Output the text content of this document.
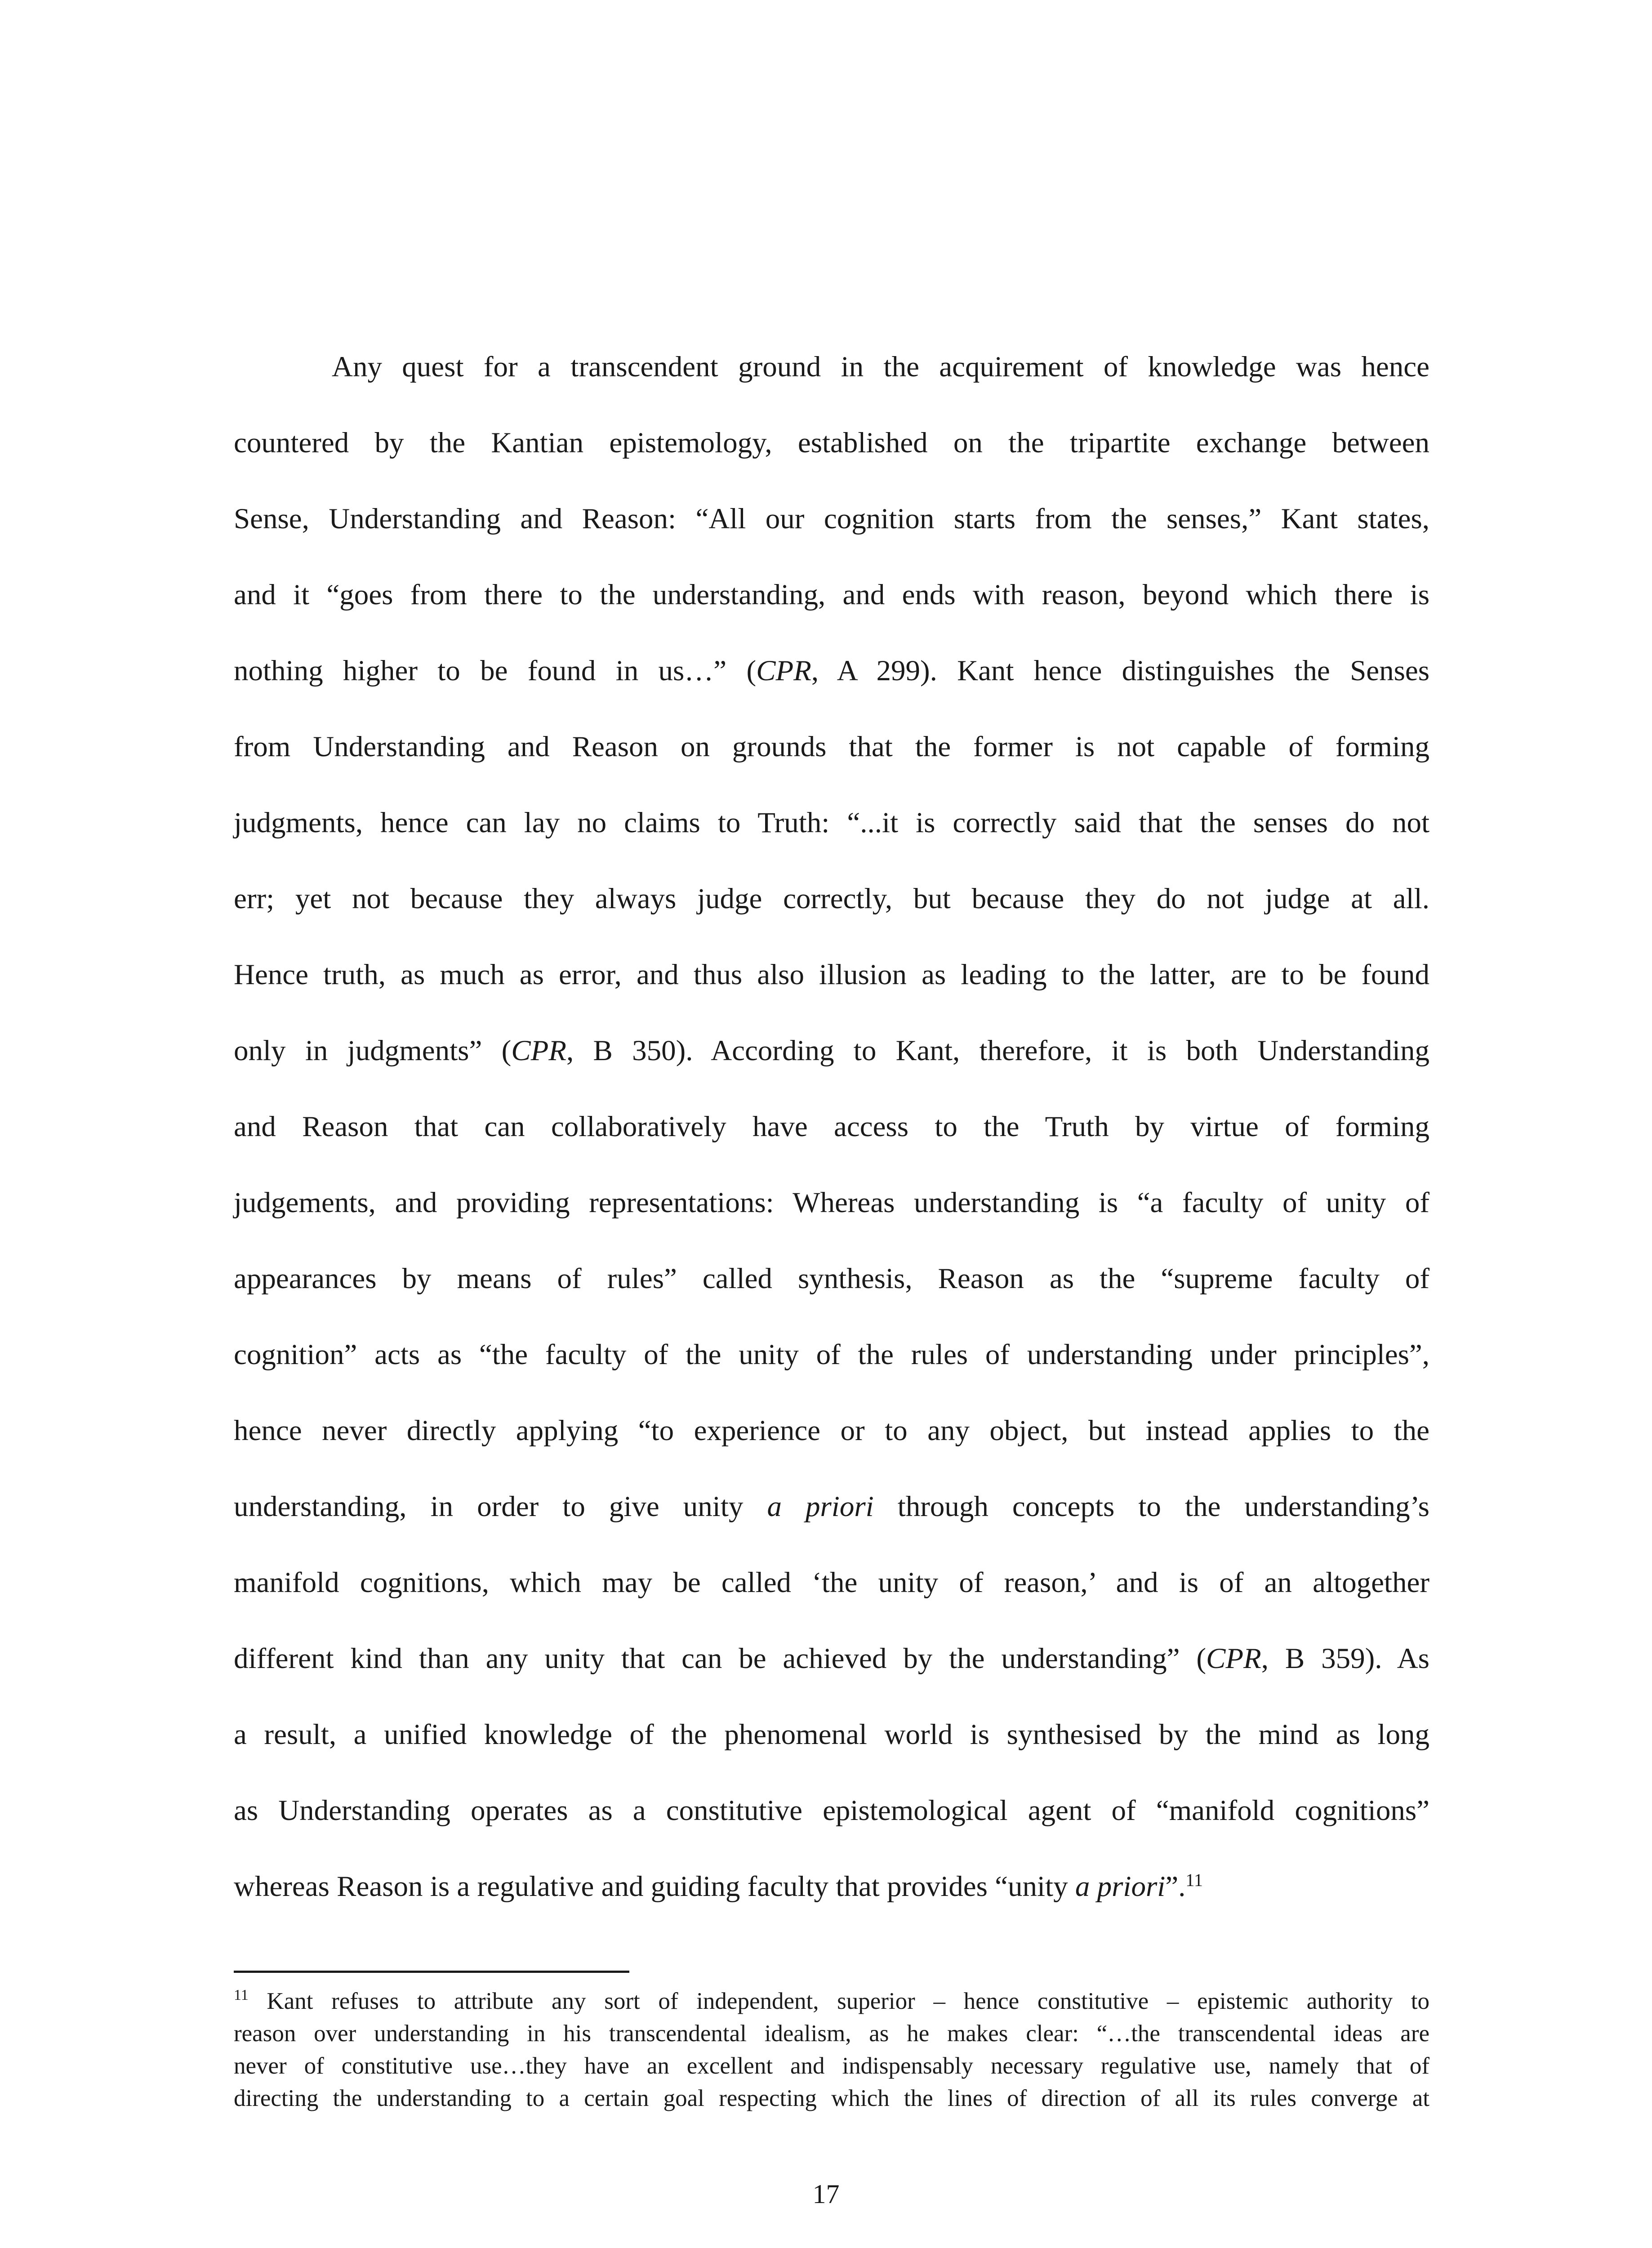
Any quest for a transcendent ground in the acquirement of knowledge was hence
countered by the Kantian epistemology, established on the tripartite exchange between
Sense, Understanding and Reason: “All our cognition starts from the senses,” Kant states,
and it “goes from there to the understanding, and ends with reason, beyond which there is
nothing higher to be found in us…” (CPR, A 299). Kant hence distinguishes the Senses
from Understanding and Reason on grounds that the former is not capable of forming
judgments, hence can lay no claims to Truth: “...it is correctly said that the senses do not
err; yet not because they always judge correctly, but because they do not judge at all.
Hence truth, as much as error, and thus also illusion as leading to the latter, are to be found
only in judgments” (CPR, B 350). According to Kant, therefore, it is both Understanding
and Reason that can collaboratively have access to the Truth by virtue of forming
judgements, and providing representations: Whereas understanding is “a faculty of unity of
appearances by means of rules” called synthesis, Reason as the “supreme faculty of
cognition” acts as “the faculty of the unity of the rules of understanding under principles”,
hence never directly applying “to experience or to any object, but instead applies to the
understanding, in order to give unity a priori through concepts to the understanding’s
manifold cognitions, which may be called ‘the unity of reason,’ and is of an altogether
different kind than any unity that can be achieved by the understanding” (CPR, B 359). As
a result, a unified knowledge of the phenomenal world is synthesised by the mind as long
as Understanding operates as a constitutive epistemological agent of “manifold cognitions”
whereas Reason is a regulative and guiding faculty that provides “unity a priori”.$^{11}$
$^{11}$ Kant refuses to attribute any sort of independent, superior – hence constitutive – epistemic authority to
reason over understanding in his transcendental idealism, as he makes clear: “…the transcendental ideas are
never of constitutive use…they have an excellent and indispensably necessary regulative use, namely that of
directing the understanding to a certain goal respecting which the lines of direction of all its rules converge at
17
